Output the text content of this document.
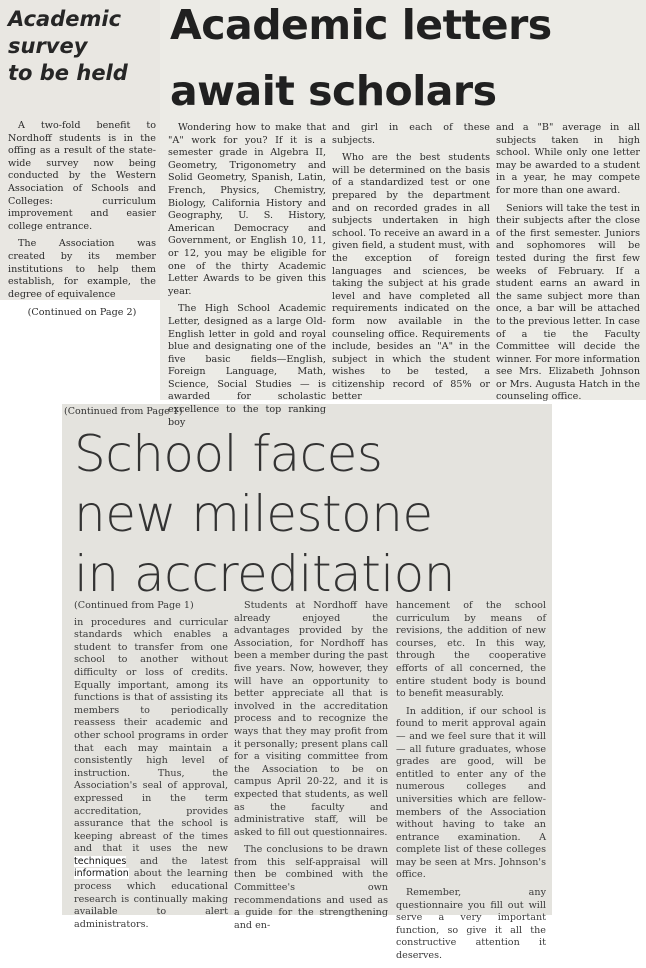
Academic
survey
to be held

A two-fold benefit to Nordhoff students is in the offing as a result of the state-wide survey now being conducted by the Western Association of Schools and Colleges: curriculum improvement and easier college entrance.

The Association was created by its member institutions to help them establish, for example, the degree of equivalence

(Continued on Page 2)

Academic letters
await scholars

Wondering how to make that "A" work for you? If it is a semester grade in Algebra II, Geometry, Trigonometry and Solid Geometry, Spanish, Latin, French, Physics, Chemistry, Biology, California History and Geography, U. S. History, American Democracy and Government, or English 10, 11, or 12, you may be eligible for one of the thirty Academic Letter Awards to be given this year.

The High School Academic Letter, designed as a large Old-English letter in gold and royal blue and designating one of the five basic fields—English, Foreign Language, Math, Science, Social Studies — is awarded for scholastic excellence to the top ranking boy

and girl in each of these subjects.

Who are the best students will be determined on the basis of a standardized test or one prepared by the department and on recorded grades in all subjects undertaken in high school. To receive an award in a given field, a student must, with the exception of foreign languages and sciences, be taking the subject at his grade level and have completed all requirements indicated on the form now available in the counseling office. Requirements include, besides an "A" in the subject in which the student wishes to be tested, a citizenship record of 85% or better

and a "B" average in all subjects taken in high school. While only one letter may be awarded to a student in a year, he may compete for more than one award.

Seniors will take the test in their subjects after the close of the first semester. Juniors and sophomores will be tested during the first few weeks of February. If a student earns an award in the same subject more than once, a bar will be attached to the previous letter. In case of a tie the Faculty Committee will decide the winner. For more information see Mrs. Elizabeth Johnson or Mrs. Augusta Hatch in the counseling office.

(Continued from Page 1)
School faces
new milestone
in accreditation

(Continued from Page 1)

in procedures and curricular standards which enables a student to transfer from one school to another without difficulty or loss of credits. Equally important, among its functions is that of assisting its members to periodically reassess their academic and other school programs in order that each may maintain a consistently high level of instruction. Thus, the Association's seal of approval, expressed in the term accreditation, provides assurance that the school is keeping abreast of the times and that it uses the new techniques and the latest information about the learning process which educational research is continually making available to alert administrators.

Students at Nordhoff have already enjoyed the advantages provided by the Association, for Nordhoff has been a member during the past five years. Now, however, they will have an opportunity to better appreciate all that is involved in the accreditation process and to recognize the ways that they may profit from it personally; present plans call for a visiting committee from the Association to be on campus April 20-22, and it is expected that students, as well as the faculty and administrative staff, will be asked to fill out questionnaires.

The conclusions to be drawn from this self-appraisal will then be combined with the Committee's own recommendations and used as a guide for the strengthening and en-

hancement of the school curriculum by means of revisions, the addition of new courses, etc. In this way, through the cooperative efforts of all concerned, the entire student body is bound to benefit measurably.

In addition, if our school is found to merit approval again — and we feel sure that it will — all future graduates, whose grades are good, will be entitled to enter any of the numerous colleges and universities which are fellow-members of the Association without having to take an entrance examination. A complete list of these colleges may be seen at Mrs. Johnson's office.

Remember, any questionnaire you fill out will serve a very important function, so give it all the constructive attention it deserves.
